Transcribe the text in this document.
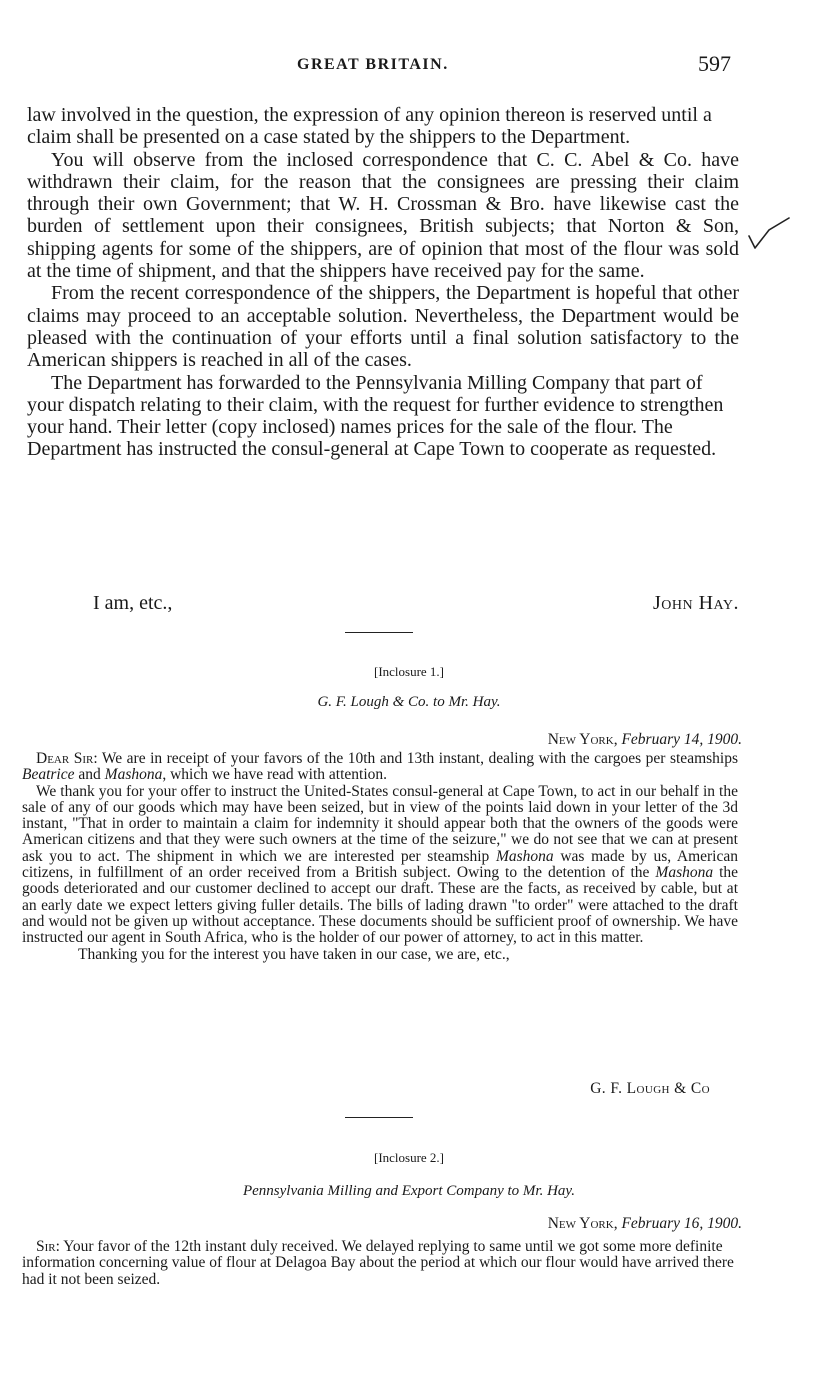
GREAT BRITAIN.	597

law involved in the question, the expression of any opinion thereon is reserved until a claim shall be presented on a case stated by the shippers to the Department.

You will observe from the inclosed correspondence that C. C. Abel & Co. have withdrawn their claim, for the reason that the consignees are pressing their claim through their own Government; that W. H. Crossman & Bro. have likewise cast the burden of settlement upon their consignees, British subjects; that Norton & Son, shipping agents for some of the shippers, are of opinion that most of the flour was sold at the time of shipment, and that the shippers have received pay for the same.

From the recent correspondence of the shippers, the Department is hopeful that other claims may proceed to an acceptable solution. Nevertheless, the Department would be pleased with the continuation of your efforts until a final solution satisfactory to the American shippers is reached in all of the cases.

The Department has forwarded to the Pennsylvania Milling Company that part of your dispatch relating to their claim, with the request for further evidence to strengthen your hand. Their letter (copy inclosed) names prices for the sale of the flour. The Department has instructed the consul-general at Cape Town to cooperate as requested.

I am, etc.,	John Hay.
[Inclosure 1.]
G. F. Lough & Co. to Mr. Hay.
New York, February 14, 1900.

Dear Sir: We are in receipt of your favors of the 10th and 13th instant, dealing with the cargoes per steamships Beatrice and Mashona, which we have read with attention.

We thank you for your offer to instruct the United-States consul-general at Cape Town, to act in our behalf in the sale of any of our goods which may have been seized, but in view of the points laid down in your letter of the 3d instant, "That in order to maintain a claim for indemnity it should appear both that the owners of the goods were American citizens and that they were such owners at the time of the seizure," we do not see that we can at present ask you to act. The shipment in which we are interested per steamship Mashona was made by us, American citizens, in fulfillment of an order received from a British subject. Owing to the detention of the Mashona the goods deteriorated and our customer declined to accept our draft. These are the facts, as received by cable, but at an early date we expect letters giving fuller details. The bills of lading drawn "to order" were attached to the draft and would not be given up without acceptance. These documents should be sufficient proof of ownership. We have instructed our agent in South Africa, who is the holder of our power of attorney, to act in this matter.

Thanking you for the interest you have taken in our case, we are, etc.,

G. F. Lough & Co
[Inclosure 2.]
Pennsylvania Milling and Export Company to Mr. Hay.
New York, February 16, 1900.

Sir: Your favor of the 12th instant duly received. We delayed replying to same until we got some more definite information concerning value of flour at Delagoa Bay about the period at which our flour would have arrived there had it not been seized.
